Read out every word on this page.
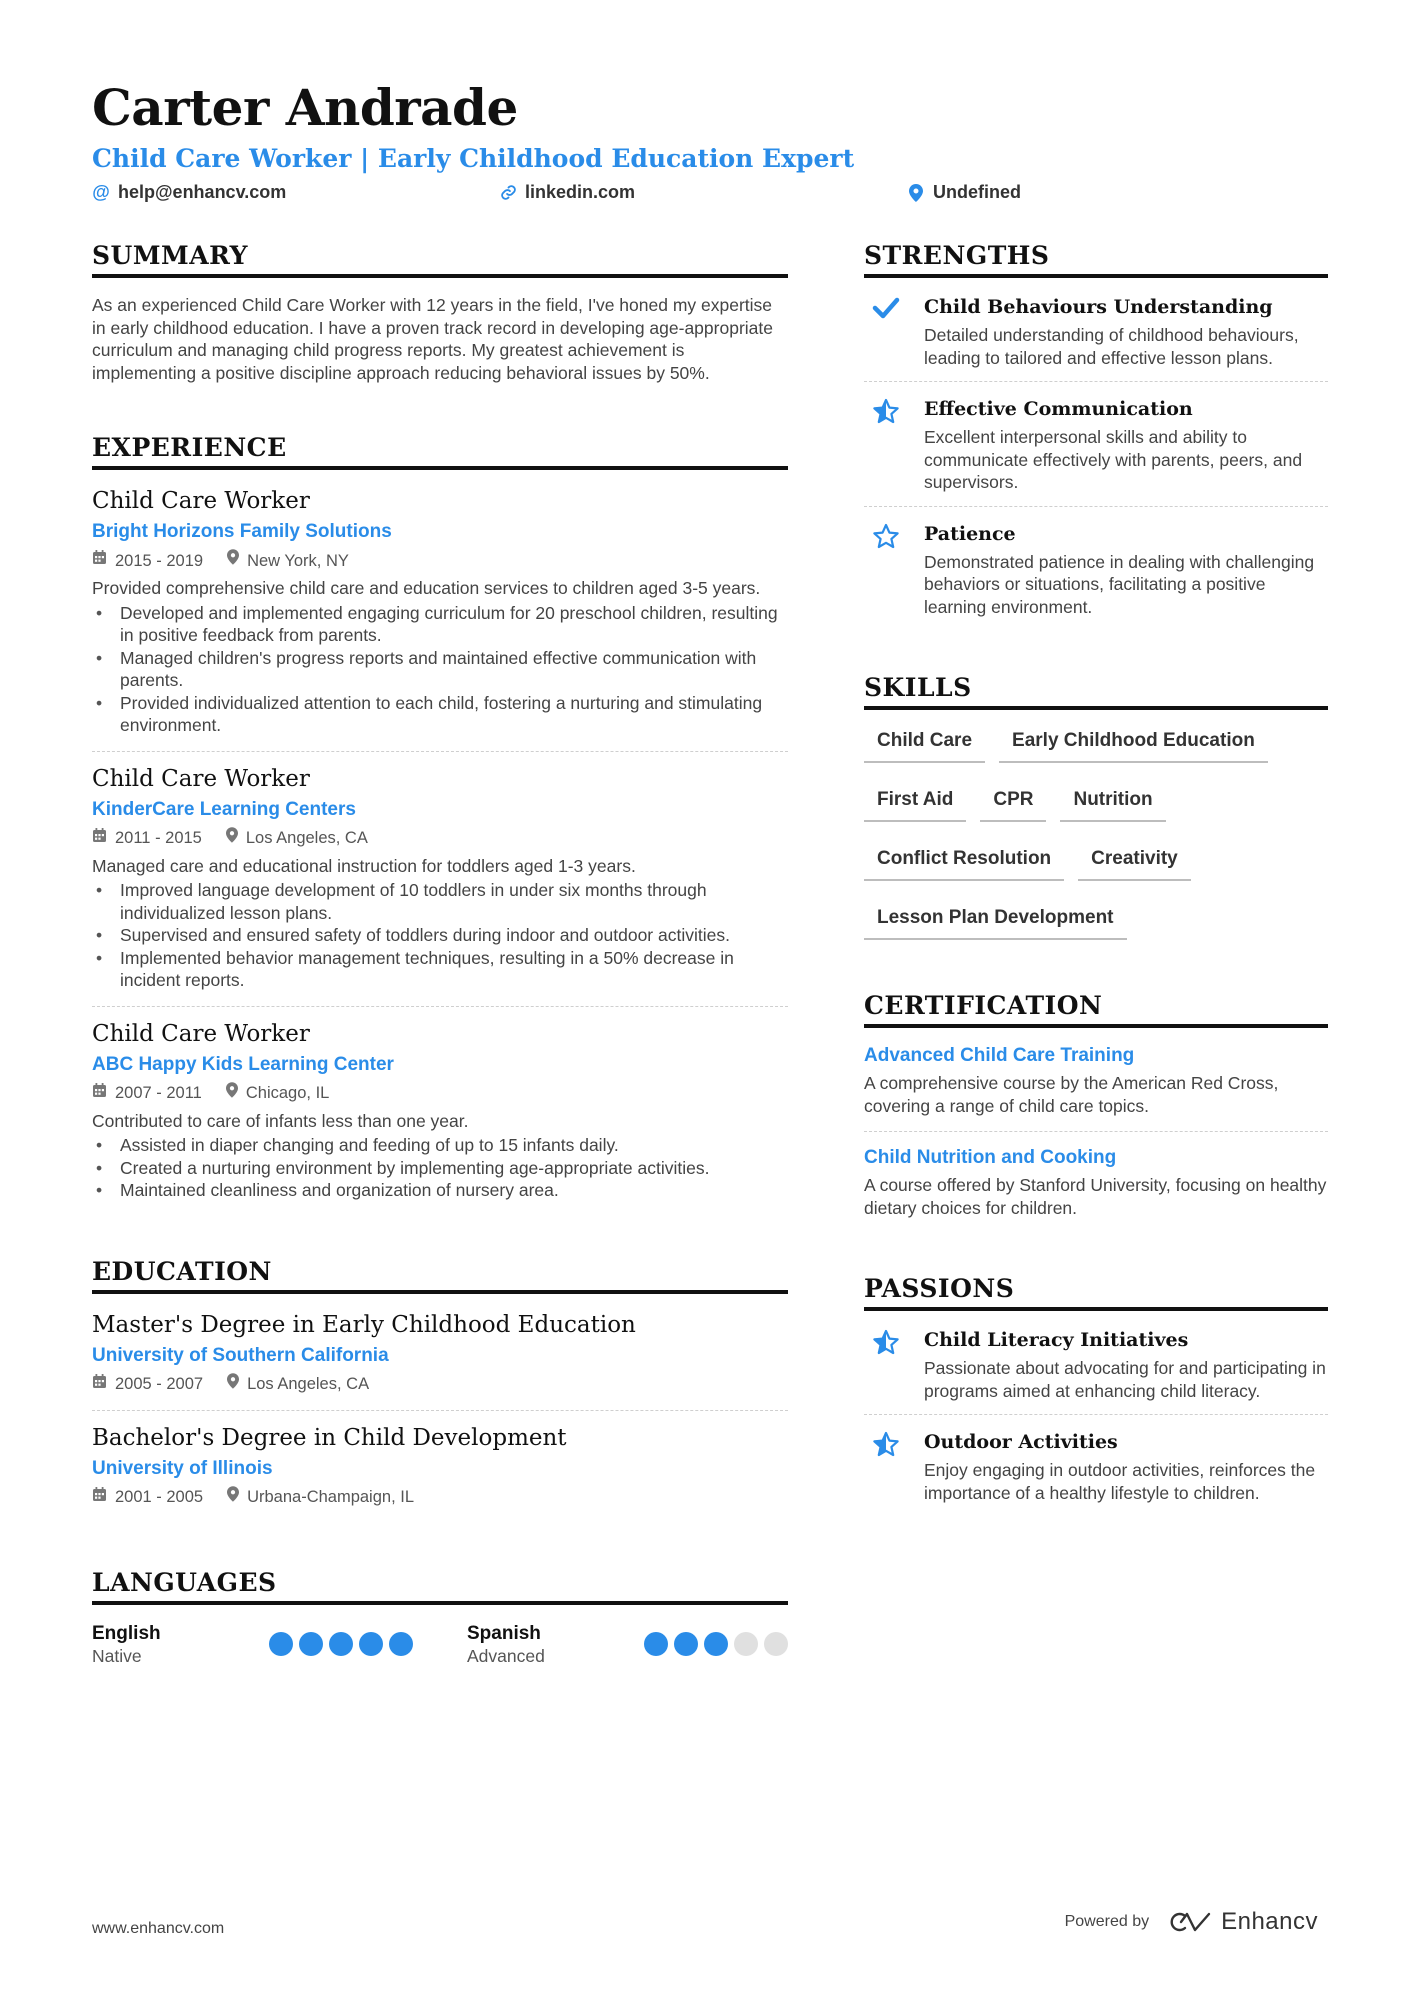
Carter Andrade
Child Care Worker | Early Childhood Education Expert
@ help@enhancv.com	linkedin.com	Undefined
SUMMARY
As an experienced Child Care Worker with 12 years in the field, I've honed my expertise in early childhood education. I have a proven track record in developing age-appropriate curriculum and managing child progress reports. My greatest achievement is implementing a positive discipline approach reducing behavioral issues by 50%.
EXPERIENCE
Child Care Worker
Bright Horizons Family Solutions
2015 - 2019	New York, NY
Provided comprehensive child care and education services to children aged 3-5 years.
• Developed and implemented engaging curriculum for 20 preschool children, resulting in positive feedback from parents.
• Managed children's progress reports and maintained effective communication with parents.
• Provided individualized attention to each child, fostering a nurturing and stimulating environment.
Child Care Worker
KinderCare Learning Centers
2011 - 2015	Los Angeles, CA
Managed care and educational instruction for toddlers aged 1-3 years.
• Improved language development of 10 toddlers in under six months through individualized lesson plans.
• Supervised and ensured safety of toddlers during indoor and outdoor activities.
• Implemented behavior management techniques, resulting in a 50% decrease in incident reports.
Child Care Worker
ABC Happy Kids Learning Center
2007 - 2011	Chicago, IL
Contributed to care of infants less than one year.
• Assisted in diaper changing and feeding of up to 15 infants daily.
• Created a nurturing environment by implementing age-appropriate activities.
• Maintained cleanliness and organization of nursery area.
EDUCATION
Master's Degree in Early Childhood Education
University of Southern California
2005 - 2007	Los Angeles, CA
Bachelor's Degree in Child Development
University of Illinois
2001 - 2005	Urbana-Champaign, IL
LANGUAGES
English
Native
Spanish
Advanced
STRENGTHS
Child Behaviours Understanding
Detailed understanding of childhood behaviours, leading to tailored and effective lesson plans.
Effective Communication
Excellent interpersonal skills and ability to communicate effectively with parents, peers, and supervisors.
Patience
Demonstrated patience in dealing with challenging behaviors or situations, facilitating a positive learning environment.
SKILLS
Child Care	Early Childhood Education
First Aid	CPR	Nutrition
Conflict Resolution	Creativity
Lesson Plan Development
CERTIFICATION
Advanced Child Care Training
A comprehensive course by the American Red Cross, covering a range of child care topics.
Child Nutrition and Cooking
A course offered by Stanford University, focusing on healthy dietary choices for children.
PASSIONS
Child Literacy Initiatives
Passionate about advocating for and participating in programs aimed at enhancing child literacy.
Outdoor Activities
Enjoy engaging in outdoor activities, reinforces the importance of a healthy lifestyle to children.
www.enhancv.com	Powered by	Enhancv
